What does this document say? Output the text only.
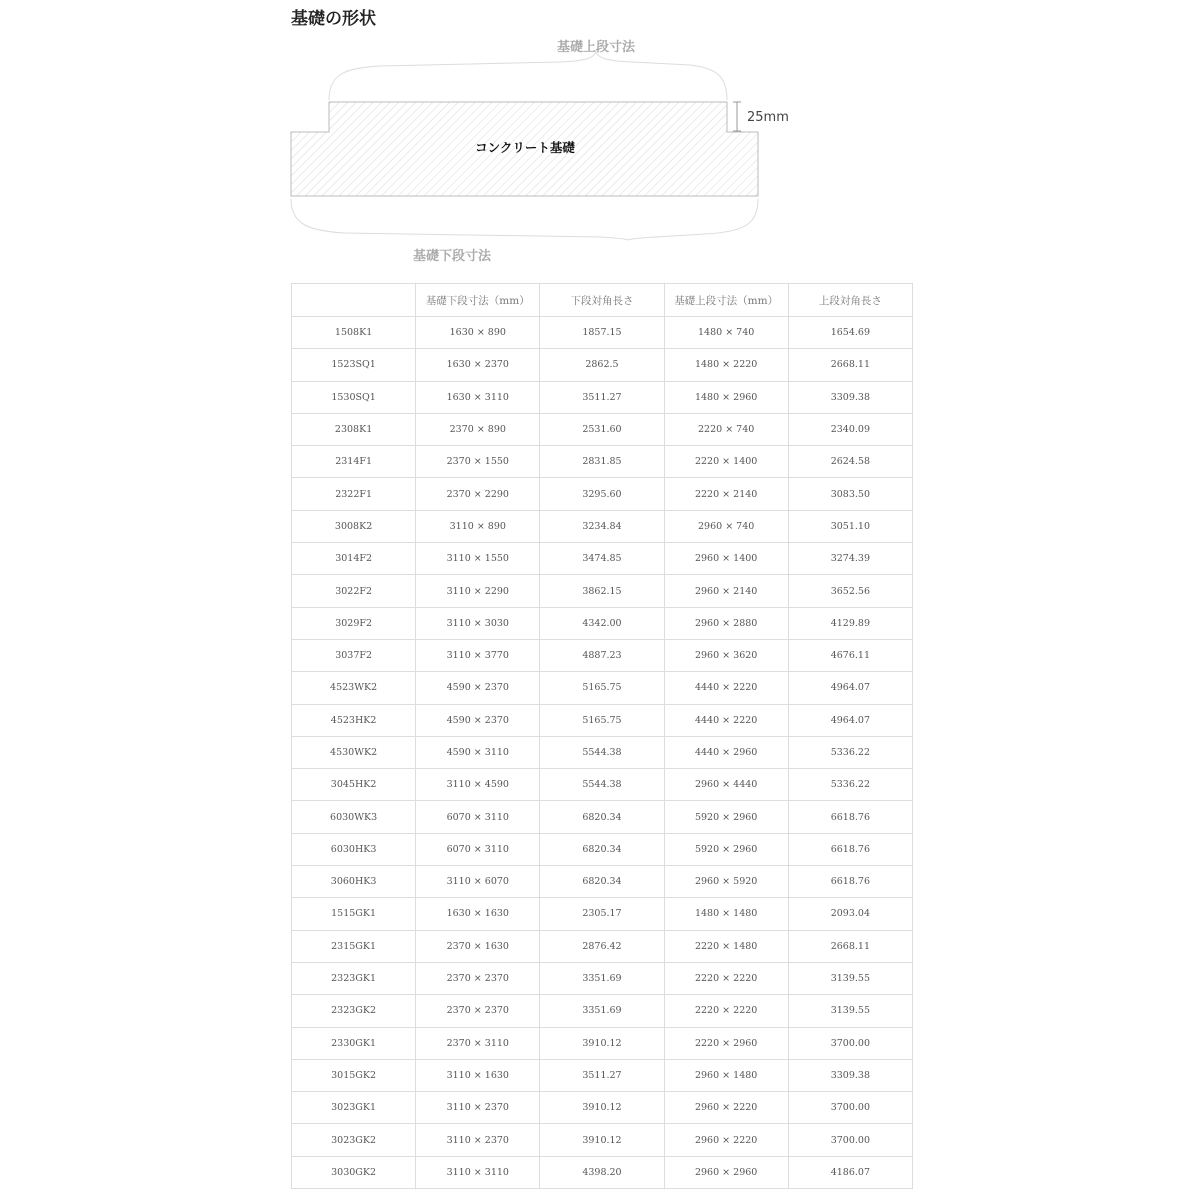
基礎の形状
基礎上段寸法
コンクリート基礎
25mm
基礎下段寸法
	基礎下段寸法（mm）	下段対角長さ	基礎上段寸法（mm）	上段対角長さ
1508K1	1630 × 890	1857.15	1480 × 740	1654.69
1523SQ1	1630 × 2370	2862.5	1480 × 2220	2668.11
1530SQ1	1630 × 3110	3511.27	1480 × 2960	3309.38
2308K1	2370 × 890	2531.60	2220 × 740	2340.09
2314F1	2370 × 1550	2831.85	2220 × 1400	2624.58
2322F1	2370 × 2290	3295.60	2220 × 2140	3083.50
3008K2	3110 × 890	3234.84	2960 × 740	3051.10
3014F2	3110 × 1550	3474.85	2960 × 1400	3274.39
3022F2	3110 × 2290	3862.15	2960 × 2140	3652.56
3029F2	3110 × 3030	4342.00	2960 × 2880	4129.89
3037F2	3110 × 3770	4887.23	2960 × 3620	4676.11
4523WK2	4590 × 2370	5165.75	4440 × 2220	4964.07
4523HK2	4590 × 2370	5165.75	4440 × 2220	4964.07
4530WK2	4590 × 3110	5544.38	4440 × 2960	5336.22
3045HK2	3110 × 4590	5544.38	2960 × 4440	5336.22
6030WK3	6070 × 3110	6820.34	5920 × 2960	6618.76
6030HK3	6070 × 3110	6820.34	5920 × 2960	6618.76
3060HK3	3110 × 6070	6820.34	2960 × 5920	6618.76
1515GK1	1630 × 1630	2305.17	1480 × 1480	2093.04
2315GK1	2370 × 1630	2876.42	2220 × 1480	2668.11
2323GK1	2370 × 2370	3351.69	2220 × 2220	3139.55
2323GK2	2370 × 2370	3351.69	2220 × 2220	3139.55
2330GK1	2370 × 3110	3910.12	2220 × 2960	3700.00
3015GK2	3110 × 1630	3511.27	2960 × 1480	3309.38
3023GK1	3110 × 2370	3910.12	2960 × 2220	3700.00
3023GK2	3110 × 2370	3910.12	2960 × 2220	3700.00
3030GK2	3110 × 3110	4398.20	2960 × 2960	4186.07
